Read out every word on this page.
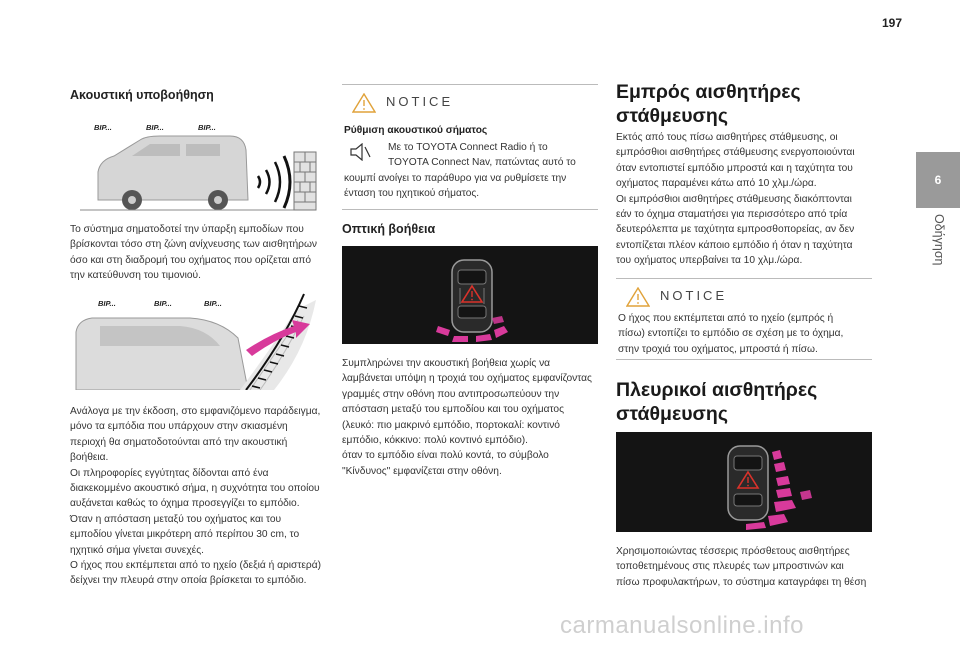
197
6
Οδήγηση
Ακουστική υποβοήθηση
BIP...	BIP...	BIP...
Το σύστημα σηματοδοτεί την ύπαρξη εμποδίων που
βρίσκονται τόσο στη ζώνη ανίχνευσης των αισθητήρων
όσο και στη διαδρομή του οχήματος που ορίζεται από
την κατεύθυνση του τιμονιού.
BIP...	BIP...	BIP...
Ανάλογα με την έκδοση, στο εμφανιζόμενο παράδειγμα,
μόνο τα εμπόδια που υπάρχουν στην σκιασμένη
περιοχή θα σηματοδοτούνται από την ακουστική
βοήθεια.
Οι πληροφορίες εγγύτητας δίδονται από ένα
διακεκομμένο ακουστικό σήμα, η συχνότητα του οποίου
αυξάνεται καθώς το όχημα προσεγγίζει το εμπόδιο.
Όταν η απόσταση μεταξύ του οχήματος και του
εμποδίου γίνεται μικρότερη από περίπου 30 cm, το
ηχητικό σήμα γίνεται συνεχές.
Ο ήχος που εκπέμπεται από το ηχείο (δεξιά ή αριστερά)
δείχνει την πλευρά στην οποία βρίσκεται το εμπόδιο.
NOTICE
Ρύθμιση ακουστικού σήματος
Με το TOYOTA Connect Radio ή το
TOYOTA Connect Nav, πατώντας αυτό το
κουμπί ανοίγει το παράθυρο για να ρυθμίσετε την
ένταση του ηχητικού σήματος.
Οπτική βοήθεια
Συμπληρώνει την ακουστική βοήθεια χωρίς να
λαμβάνεται υπόψη η τροχιά του οχήματος εμφανίζοντας
γραμμές στην οθόνη που αντιπροσωπεύουν την
απόσταση μεταξύ του εμποδίου και του οχήματος
(λευκό: πιο μακρινό εμπόδιο, πορτοκαλί: κοντινό
εμπόδιο, κόκκινο: πολύ κοντινό εμπόδιο).
όταν το εμπόδιο είναι πολύ κοντά, το σύμβολο
"Κίνδυνος" εμφανίζεται στην οθόνη.
Εμπρός αισθητήρες
στάθμευσης
Εκτός από τους πίσω αισθητήρες στάθμευσης, οι
εμπρόσθιοι αισθητήρες στάθμευσης ενεργοποιούνται
όταν εντοπιστεί εμπόδιο μπροστά και η ταχύτητα του
οχήματος παραμένει κάτω από 10 χλμ./ώρα.
Οι εμπρόσθιοι αισθητήρες στάθμευσης διακόπτονται
εάν το όχημα σταματήσει για περισσότερο από τρία
δευτερόλεπτα με ταχύτητα εμπροσθοπορείας, αν δεν
εντοπίζεται πλέον κάποιο εμπόδιο ή όταν η ταχύτητα
του οχήματος υπερβαίνει τα 10 χλμ./ώρα.
NOTICE
Ο ήχος που εκπέμπεται από το ηχείο (εμπρός ή
πίσω) εντοπίζει το εμπόδιο σε σχέση με το όχημα,
στην τροχιά του οχήματος, μπροστά ή πίσω.
Πλευρικοί αισθητήρες
στάθμευσης
Χρησιμοποιώντας τέσσερις πρόσθετους αισθητήρες
τοποθετημένους στις πλευρές των μπροστινών και
πίσω προφυλακτήρων, το σύστημα καταγράφει τη θέση
carmanualsonline.info
